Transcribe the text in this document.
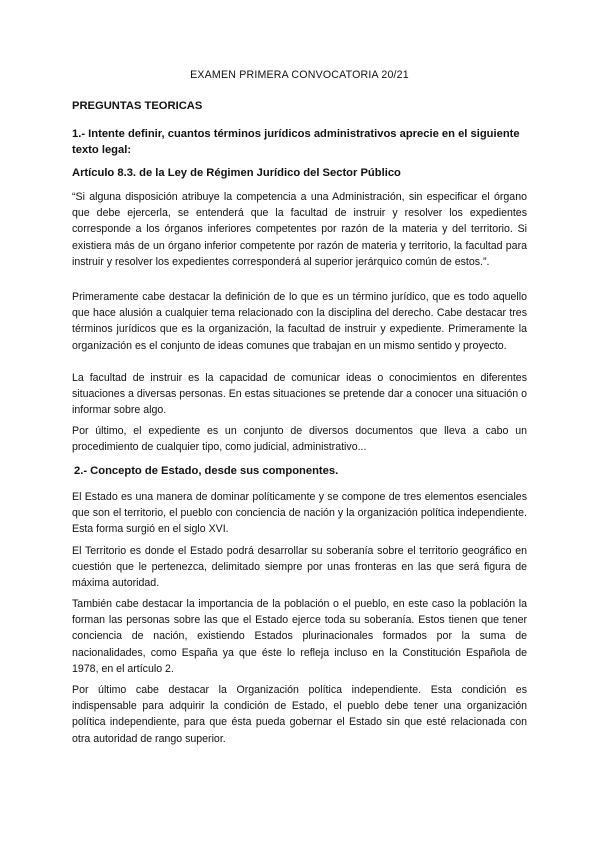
EXAMEN PRIMERA CONVOCATORIA 20/21
PREGUNTAS TEORICAS
1.- Intente definir, cuantos términos jurídicos administrativos aprecie en el siguiente texto legal:
Artículo 8.3. de la Ley de Régimen Jurídico del Sector Público

“Si alguna disposición atribuye la competencia a una Administración, sin especificar el órgano que debe ejercerla, se entenderá que la facultad de instruir y resolver los expedientes corresponde a los órganos inferiores competentes por razón de la materia y del territorio. Si existiera más de un órgano inferior competente por razón de materia y territorio, la facultad para instruir y resolver los expedientes corresponderá al superior jerárquico común de estos.”.

Primeramente cabe destacar la definición de lo que es un término jurídico, que es todo aquello que hace alusión a cualquier tema relacionado con la disciplina del derecho. Cabe destacar tres términos jurídicos que es la organización, la facultad de instruir y expediente. Primeramente la organización es el conjunto de ideas comunes que trabajan en un mismo sentido y proyecto.

La facultad de instruir es la capacidad de comunicar ideas o conocimientos en diferentes situaciones a diversas personas. En estas situaciones se pretende dar a conocer una situación o informar sobre algo.

Por último, el expediente es un conjunto de diversos documentos que lleva a cabo un procedimiento de cualquier tipo, como judicial, administrativo...

2.- Concepto de Estado, desde sus componentes.

El Estado es una manera de dominar políticamente y se compone de tres elementos esenciales que son el territorio, el pueblo con conciencia de nación y la organización política independiente. Esta forma surgió en el siglo XVI.

El Territorio es donde el Estado podrá desarrollar su soberanía sobre el territorio geográfico en cuestión que le pertenezca, delimitado siempre por unas fronteras en las que será figura de máxima autoridad.

También cabe destacar la importancia de la población o el pueblo, en este caso la población la forman las personas sobre las que el Estado ejerce toda su soberanía. Estos tienen que tener conciencia de nación, existiendo Estados plurinacionales formados por la suma de nacionalidades, como España ya que éste lo refleja incluso en la Constitución Española de 1978, en el artículo 2.

Por último cabe destacar la Organización política independiente. Esta condición es indispensable para adquirir la condición de Estado, el pueblo debe tener una organización política independiente, para que ésta pueda gobernar el Estado sin que esté relacionada con otra autoridad de rango superior.
